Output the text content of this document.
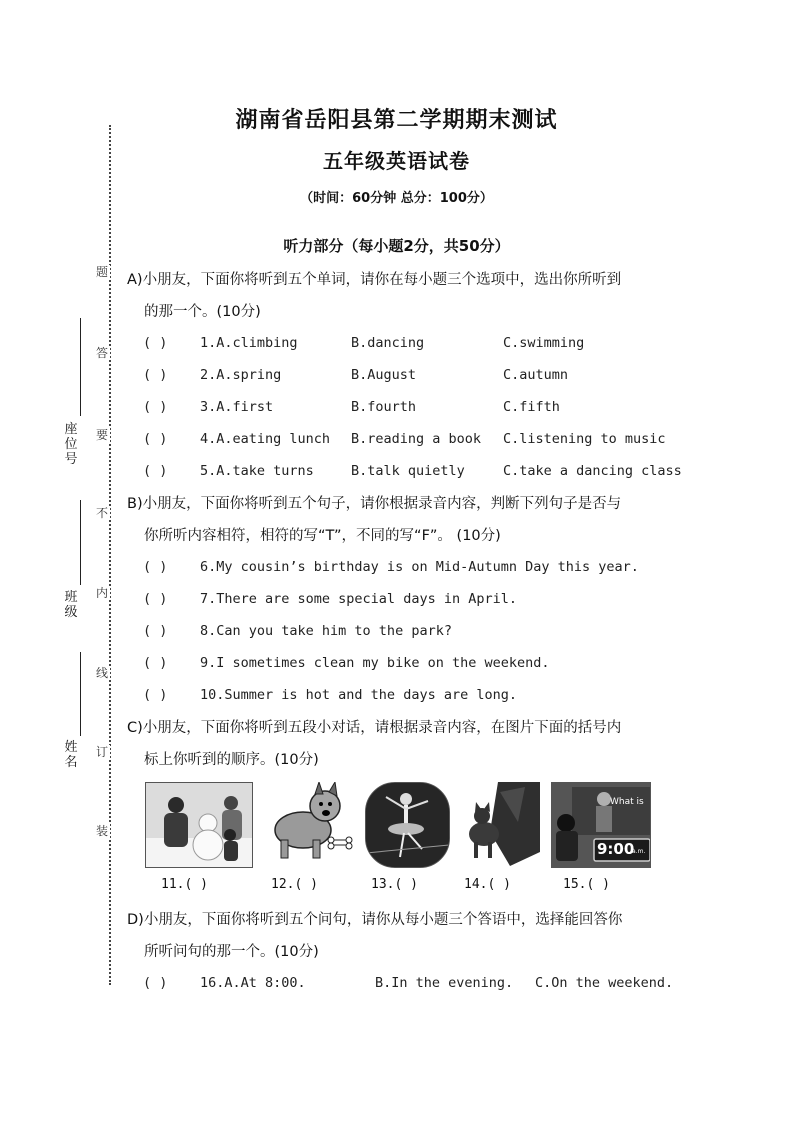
题
答
要
不
内
线
订
装
座位号
班级
姓名
湖南省岳阳县第二学期期末测试
五年级英语试卷
（时间：60分钟 总分：100分）
听力部分（每小题2分，共50分）
A)小朋友，下面你将听到五个单词，请你在每小题三个选项中，选出你所听到
的那一个。(10分)
( ) 1.A.climbing	B.dancing	C.swimming
( ) 2.A.spring	B.August	C.autumn
( ) 3.A.first	B.fourth	C.fifth
( ) 4.A.eating lunch B.reading a book C.listening to music
( ) 5.A.take turns	B.talk quietly	C.take a dancing class
B)小朋友，下面你将听到五个句子，请你根据录音内容，判断下列句子是否与
你所听内容相符，相符的写“T”，不同的写“F”。 (10分)
( ) 6.My cousin’s birthday is on Mid-Autumn Day this year.
( ) 7.There are some special days in April.
( ) 8.Can you take him to the park?
( ) 9.I sometimes clean my bike on the weekend.
( ) 10.Summer is hot and the days are long.
C)小朋友，下面你将听到五段小对话，请根据录音内容，在图片下面的括号内
标上你听到的顺序。(10分)
What is
9:00
a.m.
11.( )	12.( )	13.( )	14.( )	15.( )
D)小朋友，下面你将听到五个问句，请你从每小题三个答语中，选择能回答你
所听问句的那一个。(10分)
( ) 16.A.At 8:00.	B.In the evening. C.On the weekend.
